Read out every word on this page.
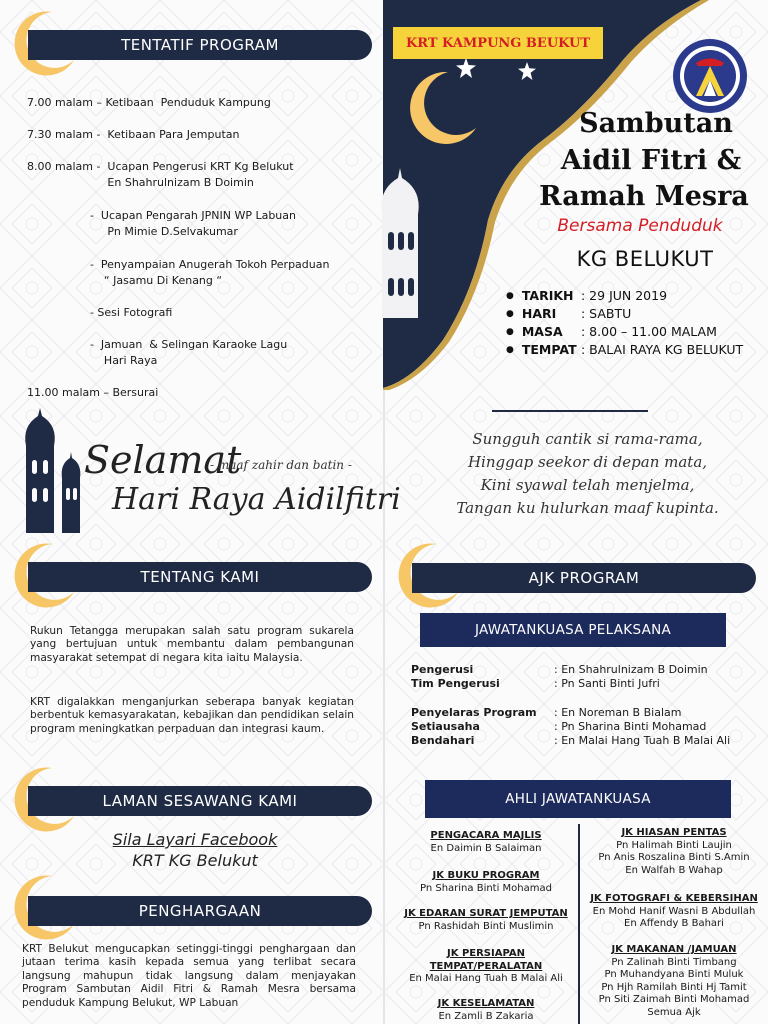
TENTATIF PROGRAM
7.00 malam – Ketibaan  Penduduk Kampung
7.30 malam -  Ketibaan Para Jemputan
8.00 malam -  Ucapan Pengerusi KRT Kg Belukut
En Shahrulnizam B Doimin
-  Ucapan Pengarah JPNIN WP Labuan
Pn Mimie D.Selvakumar
-  Penyampaian Anugerah Tokoh Perpaduan
“ Jasamu Di Kenang “
- Sesi Fotografi
-  Jamuan  & Selingan Karaoke Lagu
Hari Raya
11.00 malam – Bersurai
Selamat
- maaf zahir dan batin -
Hari Raya Aidilfitri
TENTANG KAMI
Rukun Tetangga merupakan salah satu program sukarela yang bertujuan untuk membantu dalam pembangunan masyarakat setempat di negara kita iaitu Malaysia.
KRT digalakkan menganjurkan seberapa banyak kegiatan berbentuk kemasyarakatan, kebajikan dan pendidikan selain program meningkatkan perpaduan dan integrasi kaum.
LAMAN SESAWANG KAMI
Sila Layari Facebook
KRT KG Belukut
PENGHARGAAN
KRT Belukut mengucapkan setinggi-tinggi penghargaan dan jutaan terima kasih kepada semua yang terlibat secara langsung mahupun tidak langsung dalam menjayakan Program Sambutan Aidil Fitri & Ramah Mesra bersama penduduk Kampung Belukut, WP Labuan
KRT KAMPUNG BEUKUT
Sambutan
Aidil Fitri &
Ramah Mesra
Bersama Penduduk
KG BELUKUT
● TARIKH : 29 JUN 2019
● HARI	: SABTU
● MASA	: 8.00 – 11.00 MALAM
● TEMPAT : BALAI RAYA KG BELUKUT
Sungguh cantik si rama-rama,
Hinggap seekor di depan mata,
Kini syawal telah menjelma,
Tangan ku hulurkan maaf kupinta.
AJK PROGRAM
JAWATANKUASA PELAKSANA
Pengerusi	: En Shahrulnizam B Doimin
Tim Pengerusi	: Pn Santi Binti Jufri
Penyelaras Program	: En Noreman B Bialam
Setiausaha	: Pn Sharina Binti Mohamad
Bendahari	: En Malai Hang Tuah B Malai Ali
AHLI JAWATANKUASA
PENGACARA MAJLIS
En Daimin B Salaiman
JK BUKU PROGRAM
Pn Sharina Binti Mohamad
JK EDARAN SURAT JEMPUTAN
Pn Rashidah Binti Muslimin
JK PERSIAPAN
TEMPAT/PERALATAN
En Malai Hang Tuah B Malai Ali
JK KESELAMATAN
En Zamli B Zakaria
JK HIASAN PENTAS
Pn Halimah Binti Laujin
Pn Anis Roszalina Binti S.Amin
En Walfah B Wahap
JK FOTOGRAFI & KEBERSIHAN
En Mohd Hanif Wasni B Abdullah
En Affendy B Bahari
JK MAKANAN /JAMUAN
Pn Zalinah Binti Timbang
Pn Muhandyana Binti Muluk
Pn Hjh Ramilah Binti Hj Tamit
Pn Siti Zaimah Binti Mohamad
Semua Ajk
